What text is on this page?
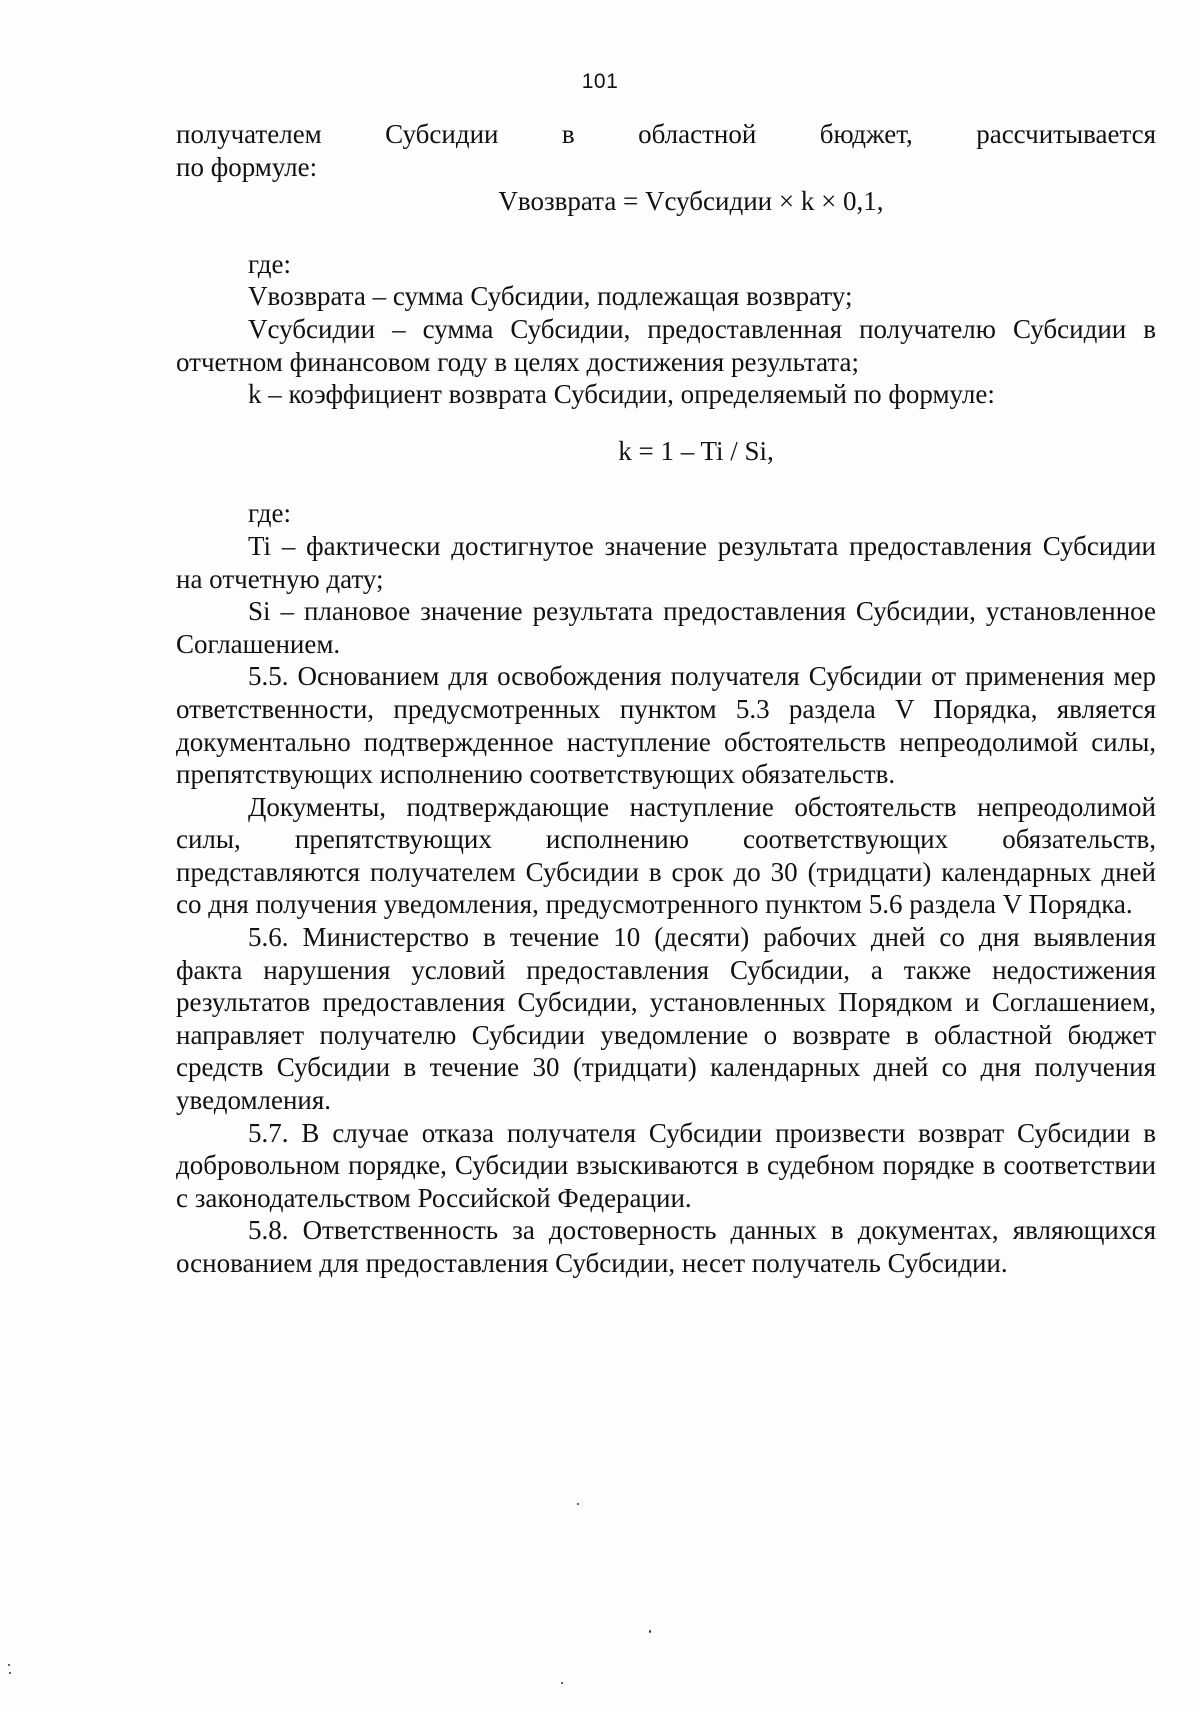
101

получателем Субсидии в областной бюджет, рассчитывается

по формуле:

Vвозврата = Vсубсидии × k × 0,1,

где:

Vвозврата – сумма Субсидии, подлежащая возврату;

Vсубсидии – сумма Субсидии, предоставленная получателю Субсидии в отчетном финансовом году в целях достижения результата;

k – коэффициент возврата Субсидии, определяемый по формуле:

k = 1 – Ti / Si,

где:

Ti – фактически достигнутое значение результата предоставления Субсидии на отчетную дату;

Si – плановое значение результата предоставления Субсидии, установленное Соглашением.

5.5. Основанием для освобождения получателя Субсидии от применения мер ответственности, предусмотренных пунктом 5.3 раздела V Порядка, является документально подтвержденное наступление обстоятельств непреодолимой силы, препятствующих исполнению соответствующих обязательств.

Документы, подтверждающие наступление обстоятельств непреодолимой силы, препятствующих исполнению соответствующих обязательств, представляются получателем Субсидии в срок до 30 (тридцати) календарных дней со дня получения уведомления, предусмотренного пунктом 5.6 раздела V Порядка.

5.6. Министерство в течение 10 (десяти) рабочих дней со дня выявления факта нарушения условий предоставления Субсидии, а также недостижения результатов предоставления Субсидии, установленных Порядком и Соглашением, направляет получателю Субсидии уведомление о возврате в областной бюджет средств Субсидии в течение 30 (тридцати) календарных дней со дня получения уведомления.

5.7. В случае отказа получателя Субсидии произвести возврат Субсидии в добровольном порядке, Субсидии взыскиваются в судебном порядке в соответствии с законодательством Российской Федерации.

5.8. Ответственность за достоверность данных в документах, являющихся основанием для предоставления Субсидии, несет получатель Субсидии.
